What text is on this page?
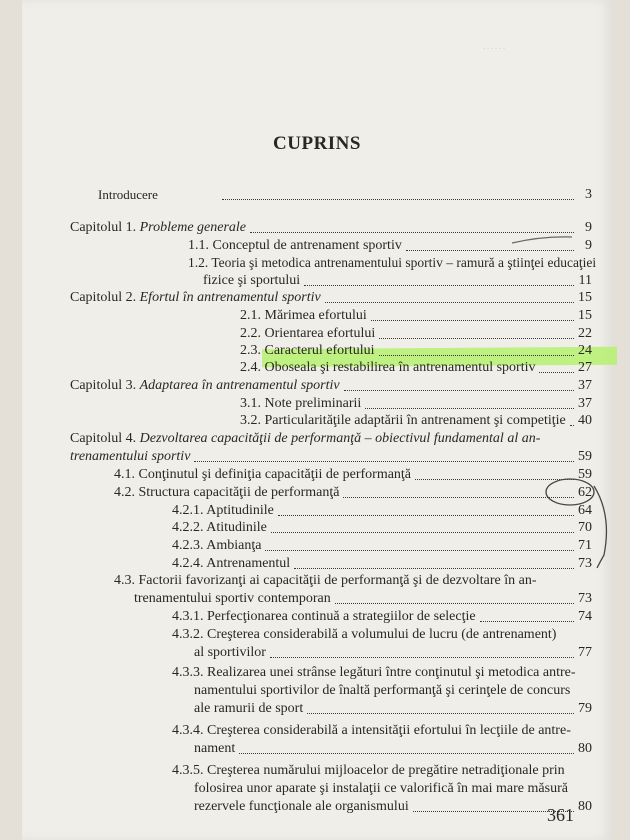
……
CUPRINS
Introducere	3
Capitolul 1. Probleme generale	9
1.1. Conceptul de antrenament sportiv	9
1.2. Teoria şi metodica antrenamentului sportiv – ramură a ştiinţei educaţiei
fizice şi sportului	11
Capitolul 2. Efortul în antrenamentul sportiv	15
2.1. Mărimea efortului	15
2.2. Orientarea efortului	22
2.3. Caracterul efortului	24
2.4. Oboseala şi restabilirea în antrenamentul sportiv	27
Capitolul 3. Adaptarea în antrenamentul sportiv	37
3.1. Note preliminarii	37
3.2. Particularităţile adaptării în antrenament şi competiţie 40
Capitolul 4. Dezvoltarea capacităţii de performanţă – obiectivul fundamental al an-
trenamentului sportiv	59
4.1. Conţinutul şi definiţia capacităţii de performanţă	59
4.2. Structura capacităţii de performanţă	62
4.2.1. Aptitudinile	64
4.2.2. Atitudinile	70
4.2.3. Ambianţa	71
4.2.4. Antrenamentul	73
4.3. Factorii favorizanţi ai capacităţii de performanţă şi de dezvoltare în an-
trenamentului sportiv contemporan	73
4.3.1. Perfecţionarea continuă a strategiilor de selecţie	74
4.3.2. Creşterea considerabilă a volumului de lucru (de antrenament)
al sportivilor	77
4.3.3. Realizarea unei strânse legături între conţinutul şi metodica antre-
namentului sportivilor de înaltă performanţă şi cerinţele de concurs
ale ramurii de sport	79
4.3.4. Creşterea considerabilă a intensităţii efortului în lecţiile de antre-
nament	80
4.3.5. Creşterea numărului mijloacelor de pregătire netradiţionale prin
folosirea unor aparate şi instalaţii ce valorifică în mai mare măsură
rezervele funcţionale ale organismului	80
361
